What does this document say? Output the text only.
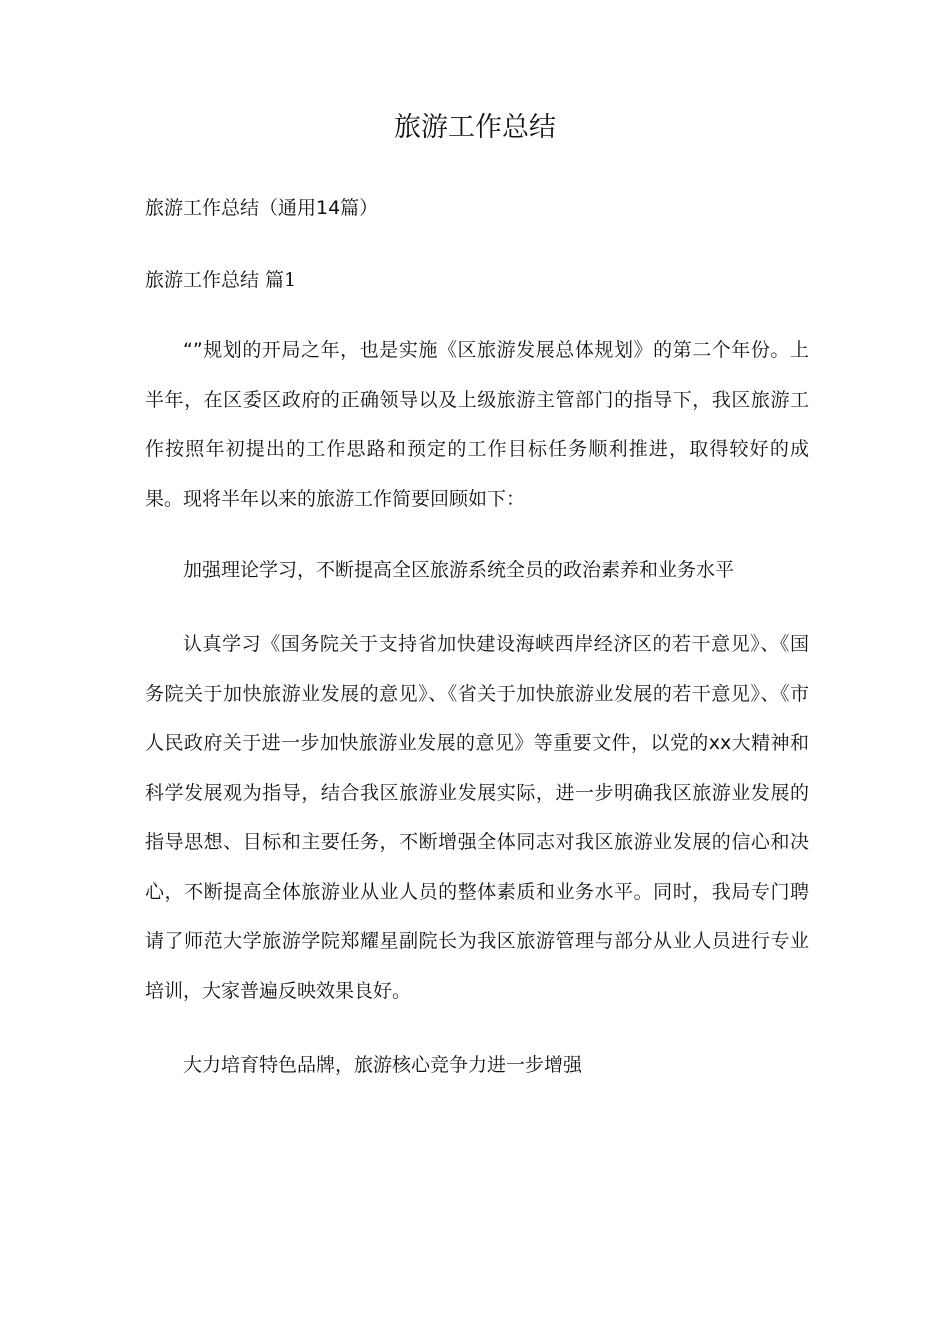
旅游工作总结

旅游工作总结（通用14篇）

旅游工作总结 篇1

“”规划的开局之年，也是实施《区旅游发展总体规划》的第二个年份。上半年，在区委区政府的正确领导以及上级旅游主管部门的指导下，我区旅游工作按照年初提出的工作思路和预定的工作目标任务顺利推进，取得较好的成果。现将半年以来的旅游工作简要回顾如下：

加强理论学习，不断提高全区旅游系统全员的政治素养和业务水平

认真学习《国务院关于支持省加快建设海峡西岸经济区的若干意见》、《国务院关于加快旅游业发展的意见》、《省关于加快旅游业发展的若干意见》、《市人民政府关于进一步加快旅游业发展的意见》等重要文件，以党的xx大精神和科学发展观为指导，结合我区旅游业发展实际，进一步明确我区旅游业发展的指导思想、目标和主要任务，不断增强全体同志对我区旅游业发展的信心和决心，不断提高全体旅游业从业人员的整体素质和业务水平。同时，我局专门聘请了师范大学旅游学院郑耀星副院长为我区旅游管理与部分从业人员进行专业培训，大家普遍反映效果良好。

大力培育特色品牌，旅游核心竞争力进一步增强
